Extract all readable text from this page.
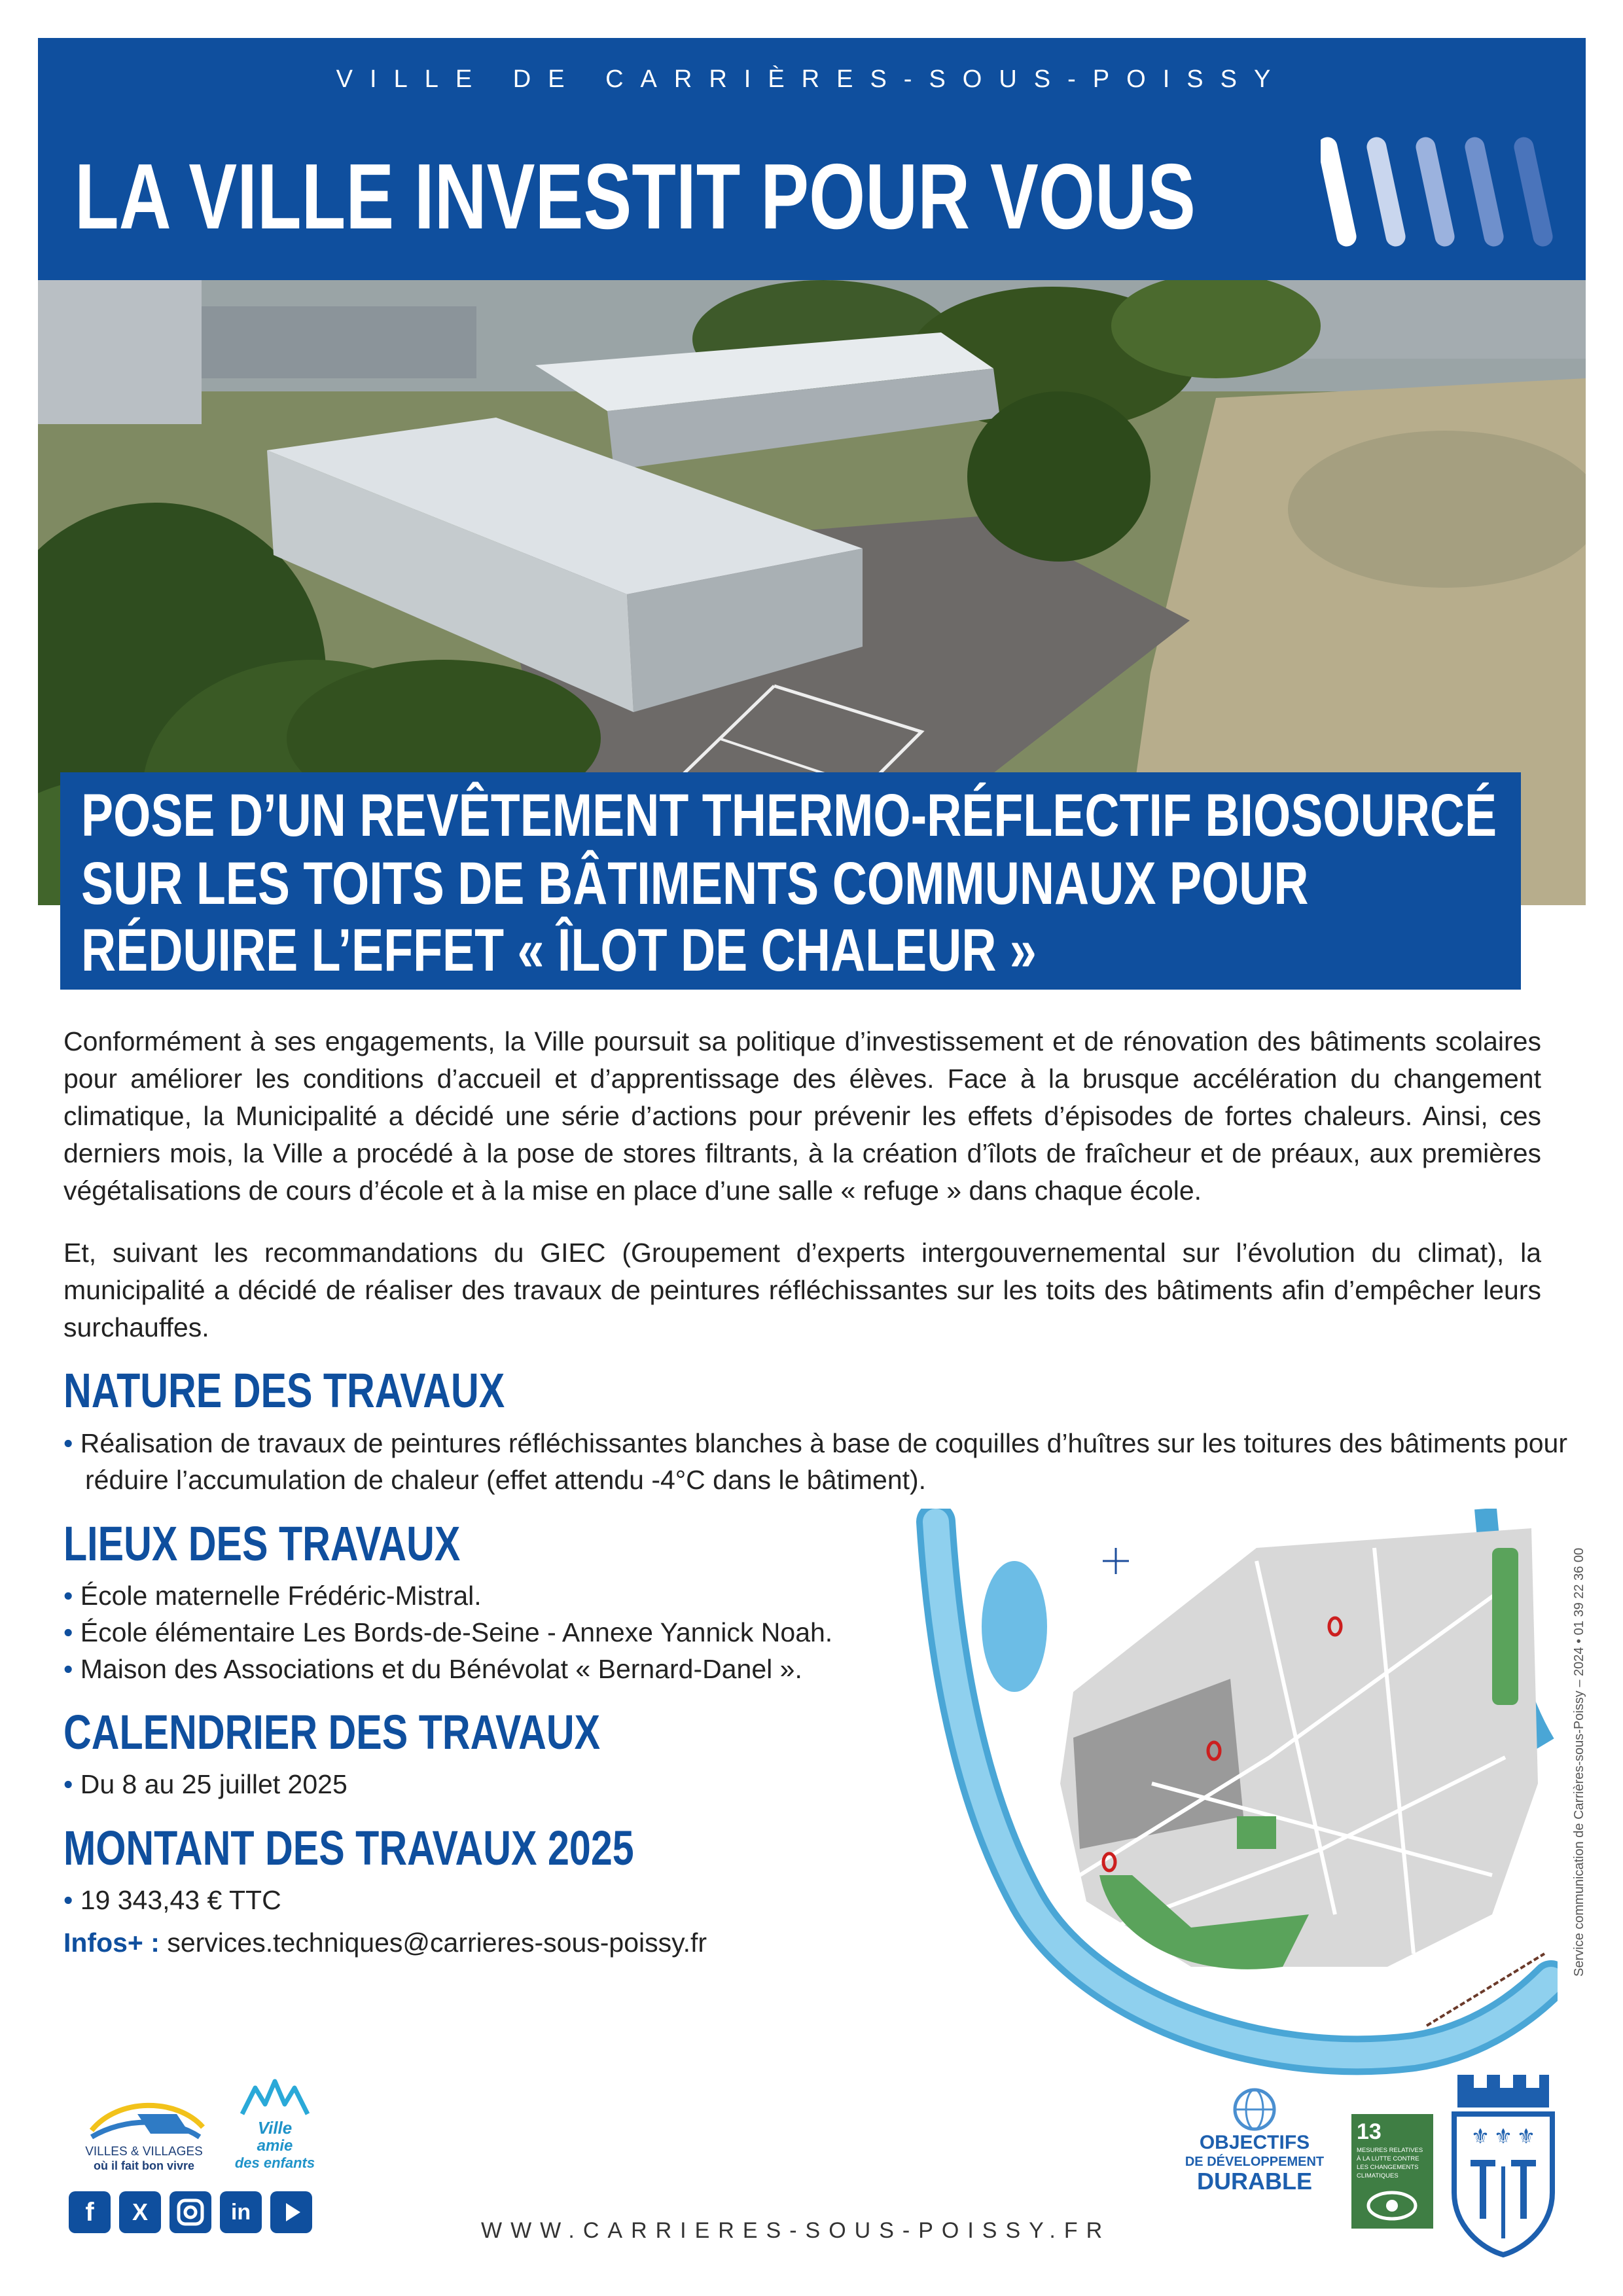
VILLE DE CARRIÈRES-SOUS-POISSY
LA VILLE INVESTIT POUR VOUS
POSE D’UN REVÊTEMENT THERMO-RÉFLECTIF BIOSOURCÉ
SUR LES TOITS DE BÂTIMENTS COMMUNAUX POUR
RÉDUIRE L’EFFET « ÎLOT DE CHALEUR »
Conformément à ses engagements, la Ville poursuit sa politique d’investissement et de rénovation des bâtiments scolaires pour améliorer les conditions d’accueil et d’apprentissage des élèves. Face à la brusque accélération du changement climatique, la Municipalité a décidé une série d’actions pour prévenir les effets d’épisodes de fortes chaleurs. Ainsi, ces derniers mois, la Ville a procédé à la pose de stores filtrants, à la création d’îlots de fraîcheur et de préaux, aux premières végétalisations de cours d’école et à la mise en place d’une salle « refuge » dans chaque école.
Et, suivant les recommandations du GIEC (Groupement d’experts intergouvernemental sur l’évolution du climat), la municipalité a décidé de réaliser des travaux de peintures réfléchissantes sur les toits des bâtiments afin d’empêcher leurs surchauffes.
NATURE DES TRAVAUX
• Réalisation de travaux de peintures réfléchissantes blanches à base de coquilles d’huîtres sur les toitures des bâtiments pour
réduire l’accumulation de chaleur (effet attendu -4°C dans le bâtiment).
LIEUX DES TRAVAUX
• École maternelle Frédéric-Mistral.
• École élémentaire Les Bords-de-Seine - Annexe Yannick Noah.
• Maison des Associations et du Bénévolat « Bernard-Danel ».
CALENDRIER DES TRAVAUX
• Du 8 au 25 juillet 2025
MONTANT DES TRAVAUX 2025
• 19 343,43 € TTC
Infos+ : services.techniques@carrieres-sous-poissy.fr	Service communication de Carrières-sous-Poissy – 2024 • 01 39 22 36 00
VILLES & VILLAGES
où il fait bon vivre
Ville
amie
des enfants
f	X	in
WWW.CARRIERES-SOUS-POISSY.FR
OBJECTIFS
DE DÉVELOPPEMENT
DURABLE
13
MESURES RELATIVES
À LA LUTTE CONTRE
LES CHANGEMENTS
CLIMATIQUES
⚜ ⚜ ⚜
